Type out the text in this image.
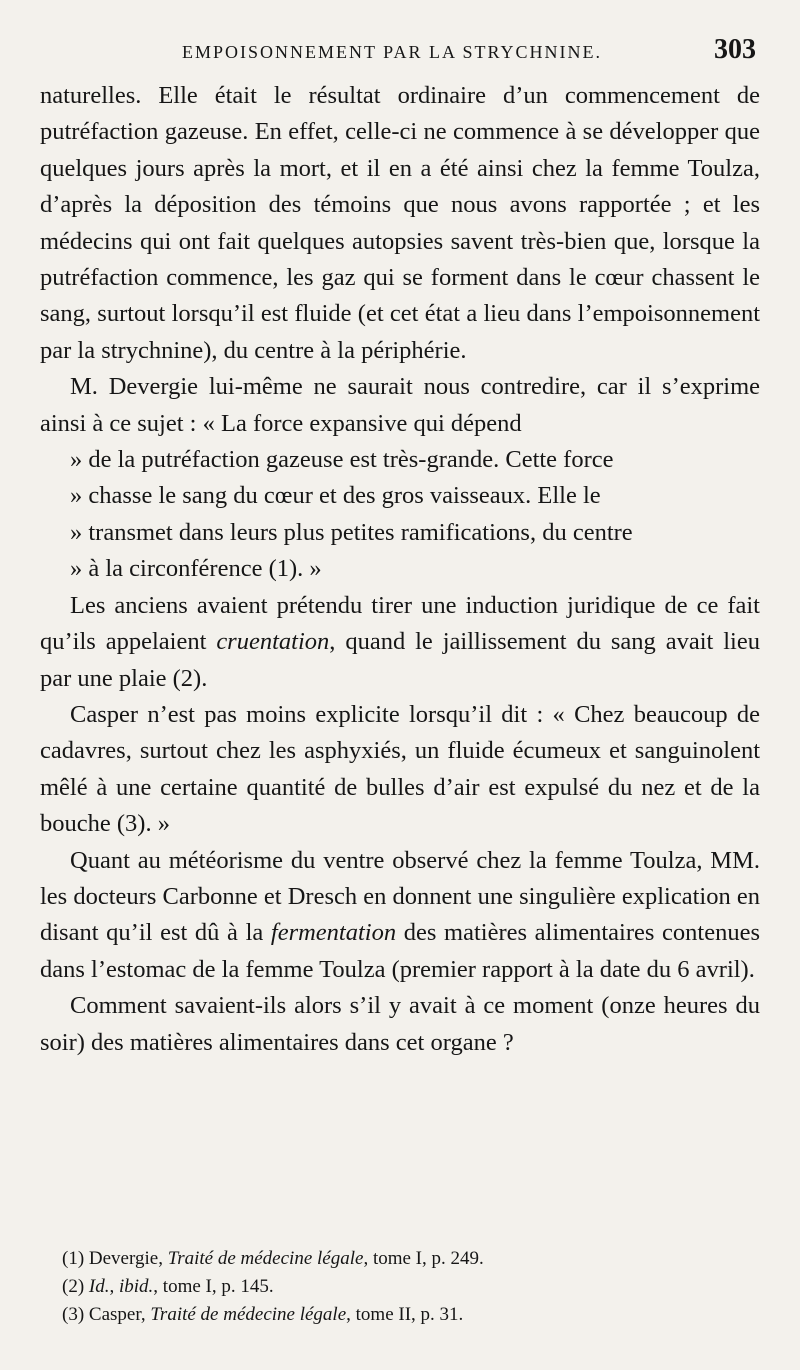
EMPOISONNEMENT PAR LA STRYCHNINE.	303

naturelles. Elle était le résultat ordinaire d’un commencement de putréfaction gazeuse. En effet, celle-ci ne commence à se développer que quelques jours après la mort, et il en a été ainsi chez la femme Toulza, d’après la déposition des témoins que nous avons rapportée ; et les médecins qui ont fait quelques autopsies savent très-bien que, lorsque la putréfaction commence, les gaz qui se forment dans le cœur chassent le sang, surtout lorsqu’il est fluide (et cet état a lieu dans l’empoisonnement par la strychnine), du centre à la périphérie.

M. Devergie lui-même ne saurait nous contredire, car il s’exprime ainsi à ce sujet : « La force expansive qui dépend
» de la putréfaction gazeuse est très-grande. Cette force
» chasse le sang du cœur et des gros vaisseaux. Elle le
» transmet dans leurs plus petites ramifications, du centre
» à la circonférence (1). »

Les anciens avaient prétendu tirer une induction juridique de ce fait qu’ils appelaient cruentation, quand le jaillissement du sang avait lieu par une plaie (2).

Casper n’est pas moins explicite lorsqu’il dit : « Chez beaucoup de cadavres, surtout chez les asphyxiés, un fluide écumeux et sanguinolent mêlé à une certaine quantité de bulles d’air est expulsé du nez et de la bouche (3). »

Quant au météorisme du ventre observé chez la femme Toulza, MM. les docteurs Carbonne et Dresch en donnent une singulière explication en disant qu’il est dû à la fermentation des matières alimentaires contenues dans l’estomac de la femme Toulza (premier rapport à la date du 6 avril).

Comment savaient-ils alors s’il y avait à ce moment (onze heures du soir) des matières alimentaires dans cet organe ?

(1) Devergie, Traité de médecine légale, tome I, p. 249.
(2) Id., ibid., tome I, p. 145.
(3) Casper, Traité de médecine légale, tome II, p. 31.
